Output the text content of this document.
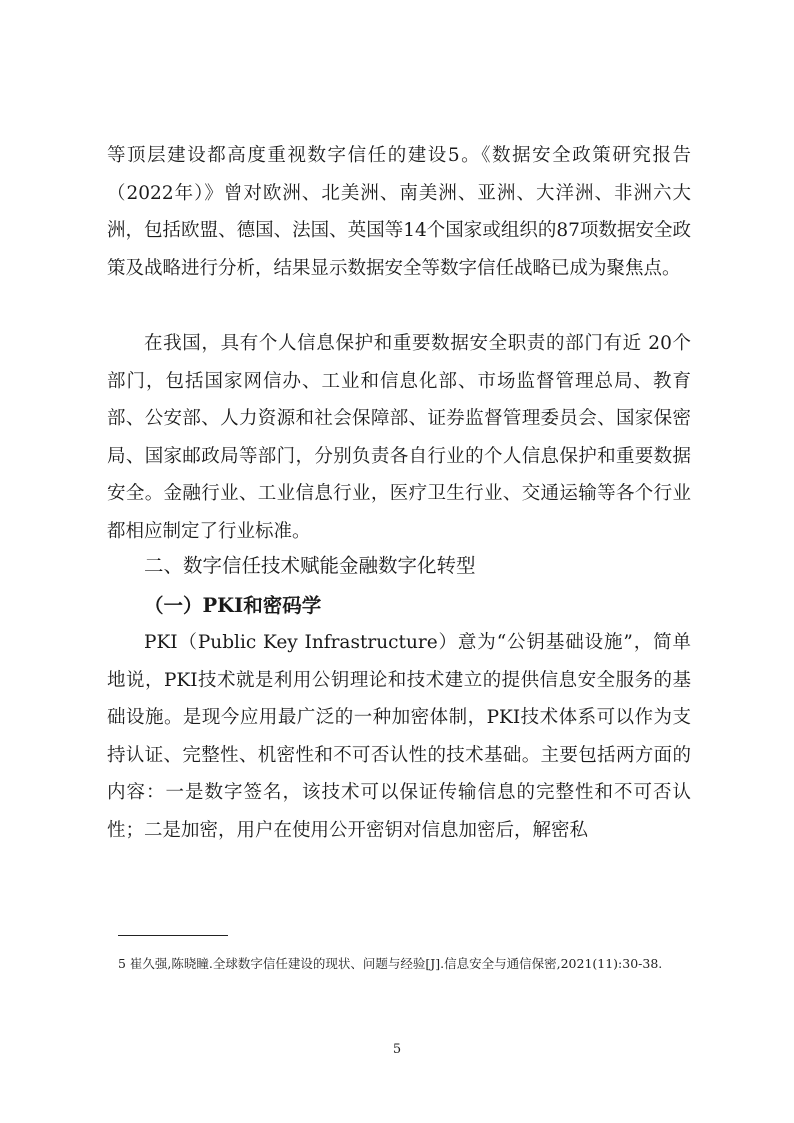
等顶层建设都高度重视数字信任的建设5。《数据安全政策研究报告（2022年）》曾对欧洲、北美洲、南美洲、亚洲、大洋洲、非洲六大洲，包括欧盟、德国、法国、英国等14个国家或组织的87项数据安全政策及战略进行分析，结果显示数据安全等数字信任战略已成为聚焦点。

在我国，具有个人信息保护和重要数据安全职责的部门有近 20个部门，包括国家网信办、工业和信息化部、市场监督管理总局、教育部、公安部、人力资源和社会保障部、证券监督管理委员会、国家保密局、国家邮政局等部门，分别负责各自行业的个人信息保护和重要数据安全。金融行业、工业信息行业，医疗卫生行业、交通运输等各个行业都相应制定了行业标准。

二、数字信任技术赋能金融数字化转型
（一）PKI和密码学

PKI（Public Key Infrastructure）意为“公钥基础设施”，简单地说，PKI技术就是利用公钥理论和技术建立的提供信息安全服务的基础设施。是现今应用最广泛的一种加密体制，PKI技术体系可以作为支持认证、完整性、机密性和不可否认性的技术基础。主要包括两方面的内容：一是数字签名，该技术可以保证传输信息的完整性和不可否认性；二是加密，用户在使用公开密钥对信息加密后，解密私

5 崔久强,陈晓瞳.全球数字信任建设的现状、问题与经验[J].信息安全与通信保密,2021(11):30-38.
5
